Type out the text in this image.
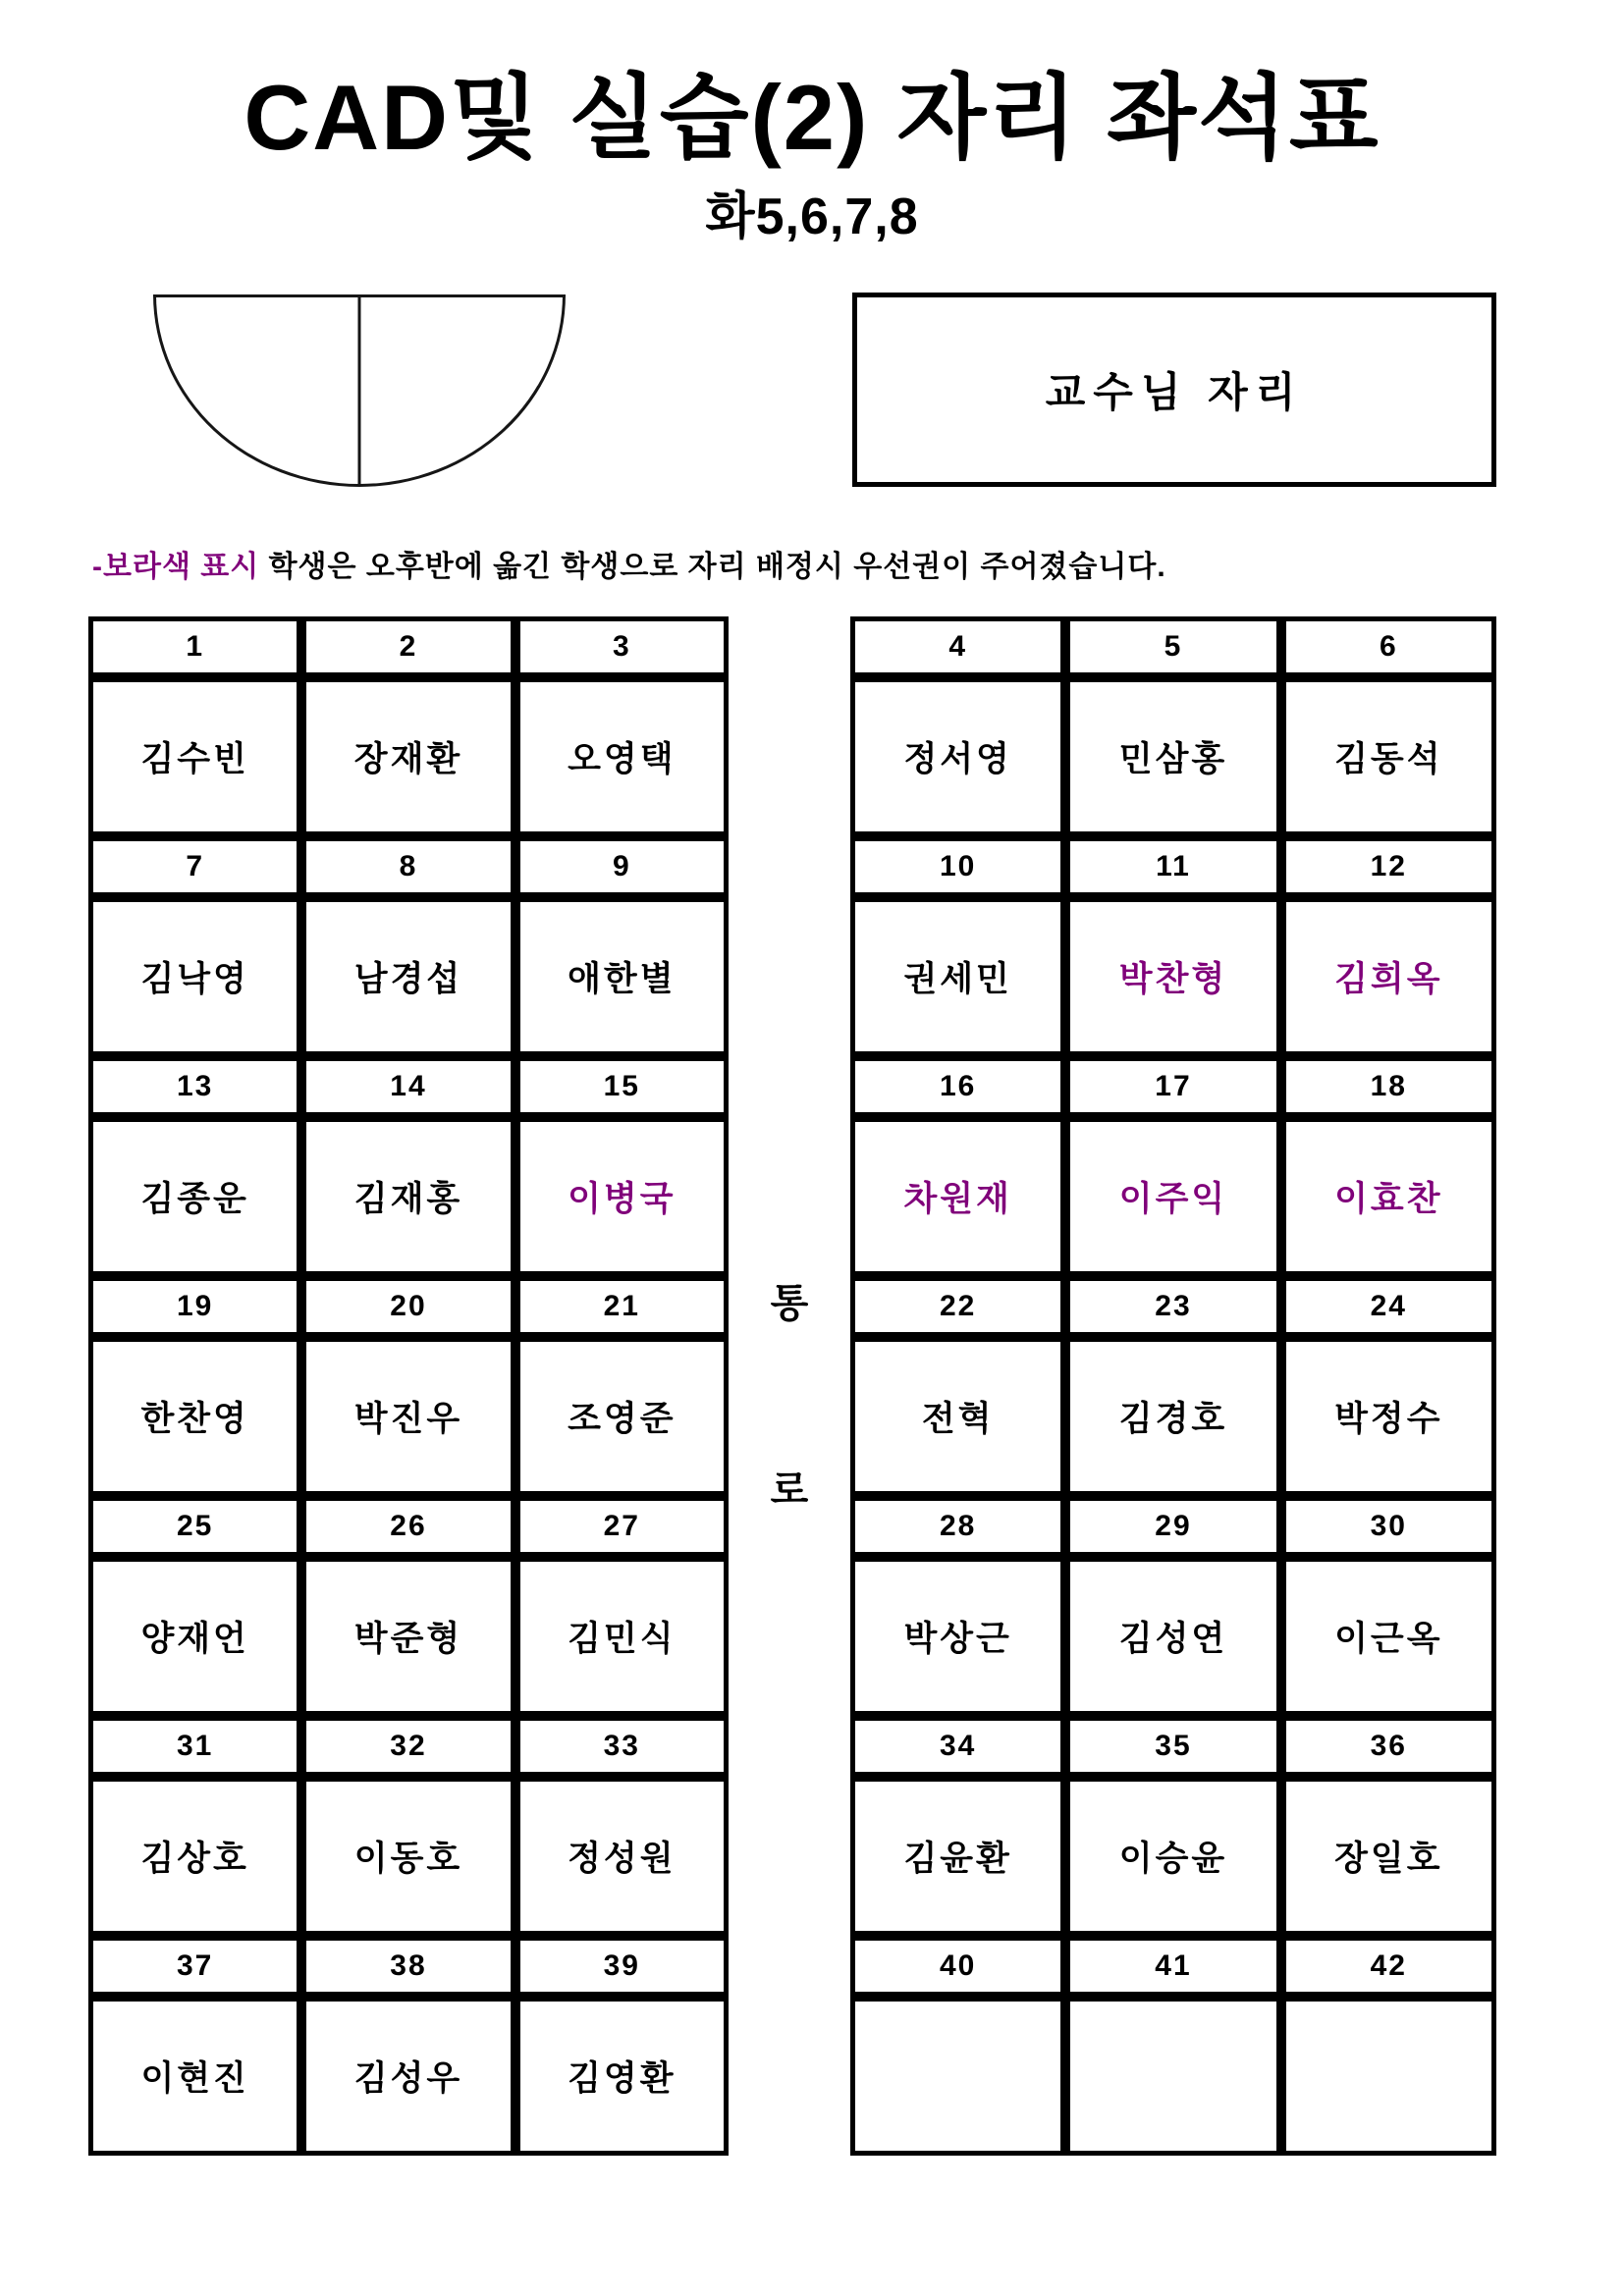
CAD및 실습(2) 자리 좌석표
화5,6,7,8
교수님 자리
-보라색 표시 학생은 오후반에 옮긴 학생으로 자리 배정시 우선권이 주어졌습니다.
1	2	3
김수빈	장재환	오영택
7	8	9
김낙영	남경섭	애한별
13	14	15
김종운	김재홍	이병국
19	20	21
한찬영	박진우	조영준
25	26	27
양재언	박준형	김민식
31	32	33
김상호	이동호	정성원
37	38	39
이현진	김성우	김영환
통
로
4	5	6
정서영	민삼홍	김동석
10	11	12
권세민	박찬형	김희옥
16	17	18
차원재	이주익	이효찬
22	23	24
전혁	김경호	박정수
28	29	30
박상근	김성연	이근옥
34	35	36
김윤환	이승윤	장일호
40	41	42
